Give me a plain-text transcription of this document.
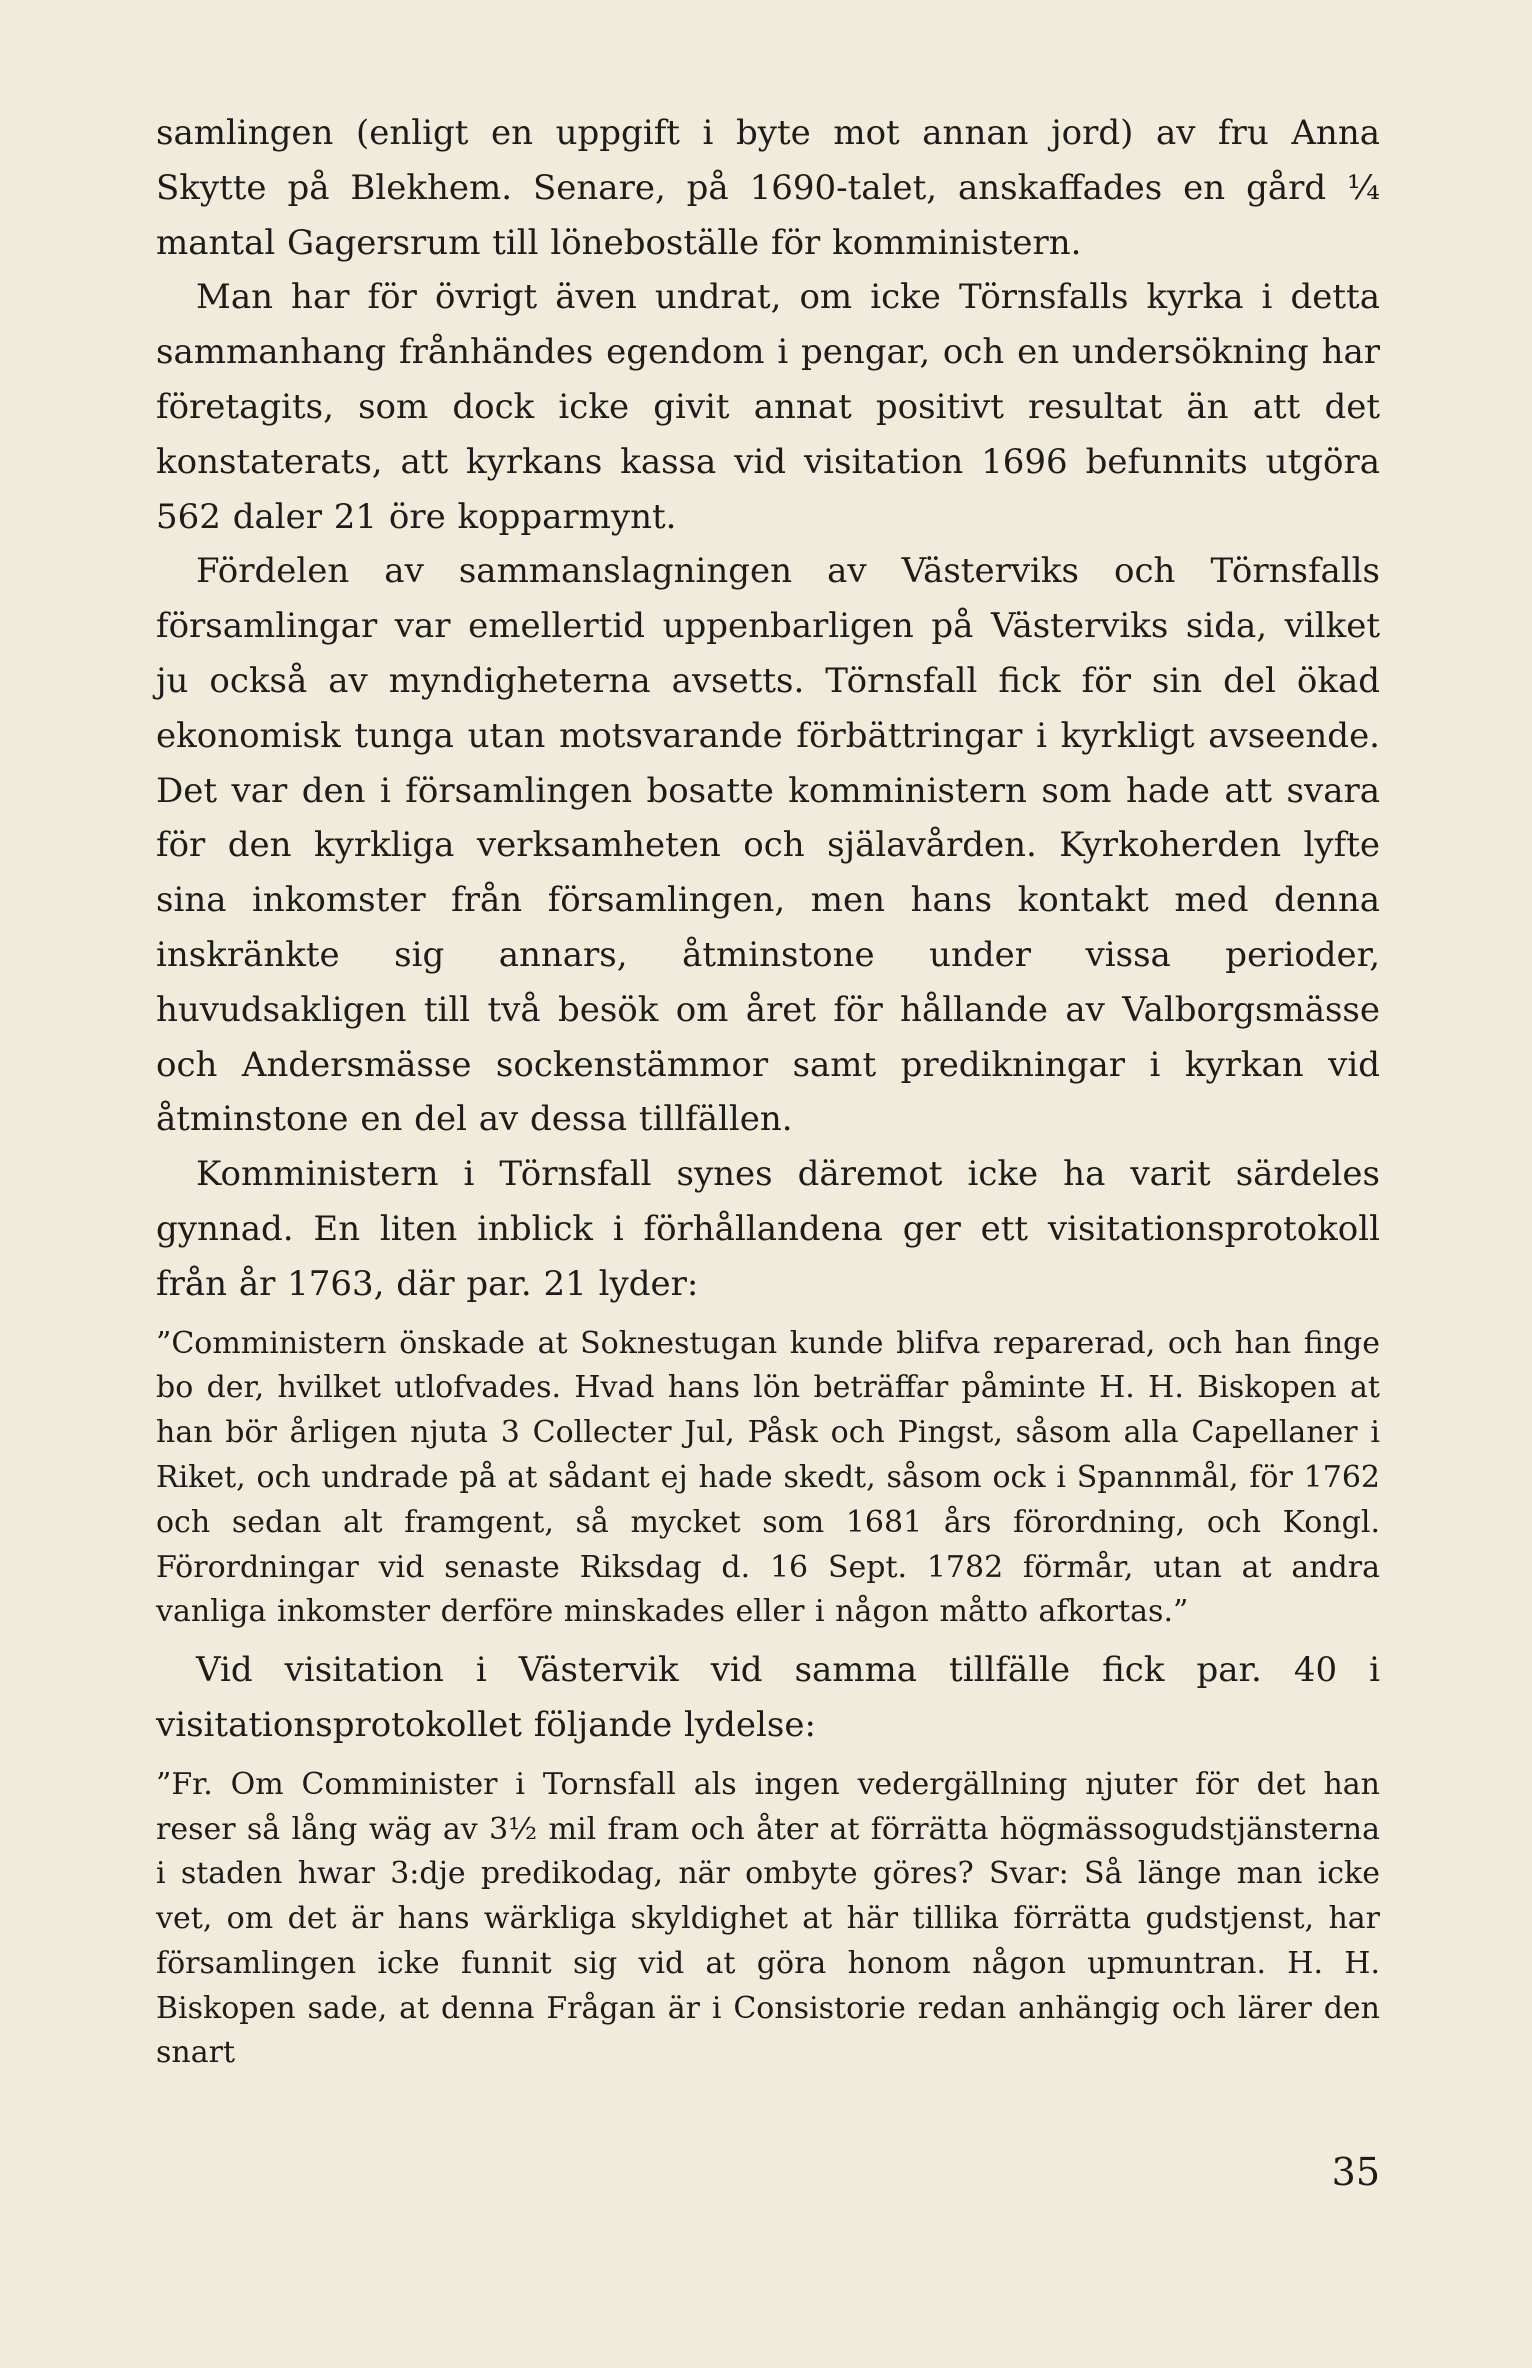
samlingen (enligt en uppgift i byte mot annan jord) av fru Anna Skytte på Blekhem. Senare, på 1690-talet, anskaffades en gård ¼ mantal Gagersrum till löneboställe för komministern.

Man har för övrigt även undrat, om icke Törnsfalls kyrka i detta sammanhang frånhändes egendom i pengar, och en undersökning har företagits, som dock icke givit annat positivt resultat än att det konstaterats, att kyrkans kassa vid visitation 1696 befunnits utgöra 562 daler 21 öre kopparmynt.

Fördelen av sammanslagningen av Västerviks och Törnsfalls församlingar var emellertid uppenbarligen på Västerviks sida, vilket ju också av myndigheterna avsetts. Törnsfall fick för sin del ökad ekonomisk tunga utan motsvarande förbättringar i kyrkligt avseende. Det var den i församlingen bosatte komministern som hade att svara för den kyrkliga verksamheten och själavården. Kyrkoherden lyfte sina inkomster från församlingen, men hans kontakt med denna inskränkte sig annars, åtminstone under vissa perioder, huvudsakligen till två besök om året för hållande av Valborgsmässe och Andersmässe sockenstämmor samt predikningar i kyrkan vid åtminstone en del av dessa tillfällen.

Komministern i Törnsfall synes däremot icke ha varit särdeles gynnad. En liten inblick i förhållandena ger ett visitationsprotokoll från år 1763, där par. 21 lyder:

”Comministern önskade at Soknestugan kunde blifva reparerad, och han finge bo der, hvilket utlofvades. Hvad hans lön beträffar påminte H. H. Biskopen at han bör årligen njuta 3 Collecter Jul, Påsk och Pingst, såsom alla Capellaner i Riket, och undrade på at sådant ej hade skedt, såsom ock i Spannmål, för 1762 och sedan alt framgent, så mycket som 1681 års förordning, och Kongl. Förordningar vid senaste Riksdag d. 16 Sept. 1782 förmår, utan at andra vanliga inkomster derföre minskades eller i någon måtto afkortas.”

Vid visitation i Västervik vid samma tillfälle fick par. 40 i visitationsprotokollet följande lydelse:

”Fr. Om Comminister i Tornsfall als ingen vedergällning njuter för det han reser så lång wäg av 3½ mil fram och åter at förrätta högmässogudstjänsterna i staden hwar 3:dje predikodag, när ombyte göres? Svar: Så länge man icke vet, om det är hans wärkliga skyldighet at här tillika förrätta gudstjenst, har församlingen icke funnit sig vid at göra honom någon upmuntran. H. H. Biskopen sade, at denna Frågan är i Consistorie redan anhängig och lärer den snart

35
